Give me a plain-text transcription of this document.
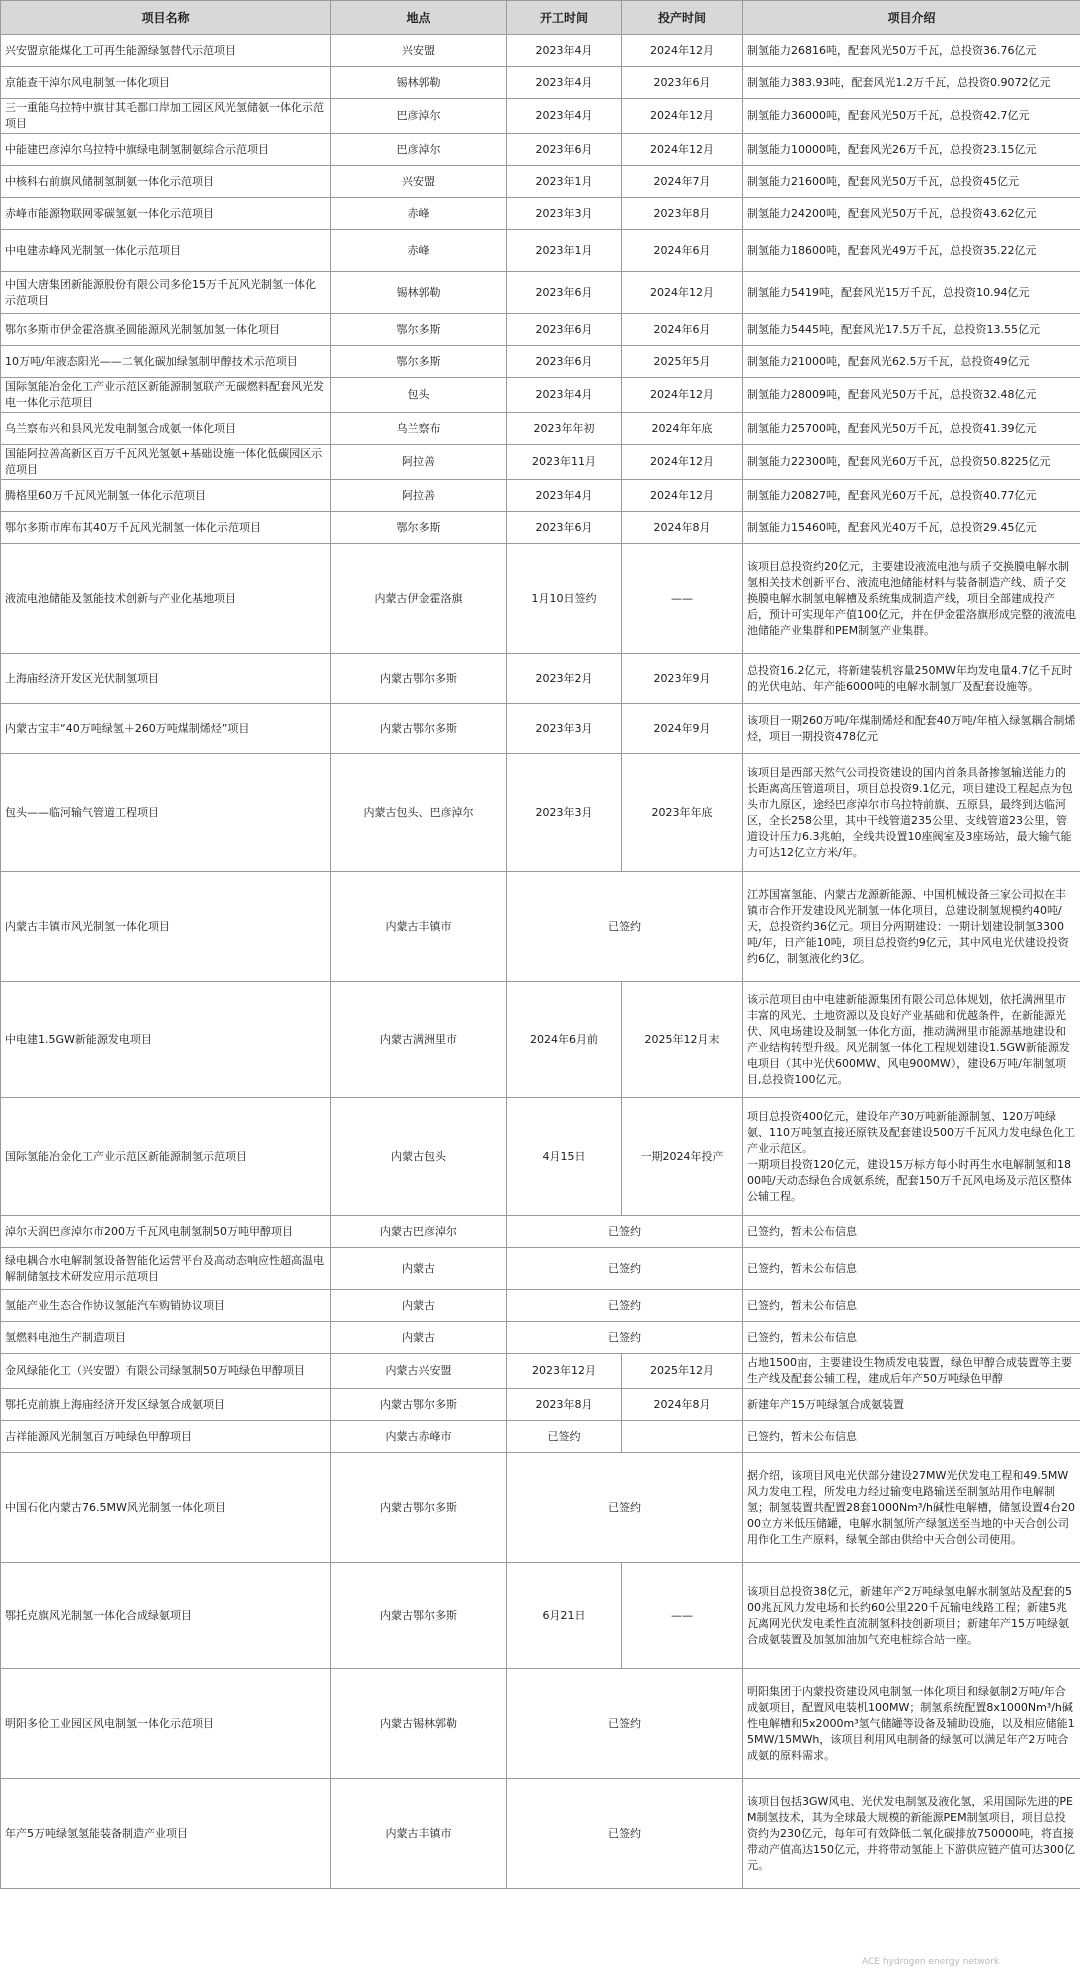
项目名称	地点	开工时间	投产时间	项目介绍
兴安盟京能煤化工可再生能源绿氢替代示范项目	兴安盟	2023年4月	2024年12月	制氢能力26816吨，配套风光50万千瓦，总投资36.76亿元
京能查干淖尔风电制氢一体化项目	锡林郭勒	2023年4月	2023年6月	制氢能力383.93吨，配套风光1.2万千瓦，总投资0.9072亿元
三一重能乌拉特中旗甘其毛都口岸加工园区风光氢储氨一体化示范项目	巴彦淖尔	2023年4月	2024年12月	制氢能力36000吨，配套风光50万千瓦，总投资42.7亿元
中能建巴彦淖尔乌拉特中旗绿电制氢制氨综合示范项目	巴彦淖尔	2023年6月	2024年12月	制氢能力10000吨，配套风光26万千瓦，总投资23.15亿元
中核科右前旗风储制氢制氨一体化示范项目	兴安盟	2023年1月	2024年7月	制氢能力21600吨，配套风光50万千瓦，总投资45亿元
赤峰市能源物联网零碳氢氨一体化示范项目	赤峰	2023年3月	2023年8月	制氢能力24200吨，配套风光50万千瓦，总投资43.62亿元
中电建赤峰风光制氢一体化示范项目	赤峰	2023年1月	2024年6月	制氢能力18600吨，配套风光49万千瓦，总投资35.22亿元
中国大唐集团新能源股份有限公司多伦15万千瓦风光制氢一体化示范项目	锡林郭勒	2023年6月	2024年12月	制氢能力5419吨，配套风光15万千瓦，总投资10.94亿元
鄂尔多斯市伊金霍洛旗圣圆能源风光制氢加氢一体化项目	鄂尔多斯	2023年6月	2024年6月	制氢能力5445吨，配套风光17.5万千瓦，总投资13.55亿元
10万吨/年液态阳光——二氧化碳加绿氢制甲醇技术示范项目	鄂尔多斯	2023年6月	2025年5月	制氢能力21000吨，配套风光62.5万千瓦，总投资49亿元
国际氢能冶金化工产业示范区新能源制氢联产无碳燃料配套风光发电一体化示范项目	包头	2023年4月	2024年12月	制氢能力28009吨，配套风光50万千瓦，总投资32.48亿元
乌兰察布兴和县风光发电制氢合成氨一体化项目	乌兰察布	2023年年初	2024年年底	制氢能力25700吨，配套风光50万千瓦，总投资41.39亿元
国能阿拉善高新区百万千瓦风光氢氨+基础设施一体化低碳园区示范项目	阿拉善	2023年11月	2024年12月	制氢能力22300吨，配套风光60万千瓦，总投资50.8225亿元
腾格里60万千瓦风光制氢一体化示范项目	阿拉善	2023年4月	2024年12月	制氢能力20827吨，配套风光60万千瓦，总投资40.77亿元
鄂尔多斯市库布其40万千瓦风光制氢一体化示范项目	鄂尔多斯	2023年6月	2024年8月	制氢能力15460吨，配套风光40万千瓦，总投资29.45亿元
液流电池储能及氢能技术创新与产业化基地项目	内蒙古伊金霍洛旗	1月10日签约	——	该项目总投资约20亿元，主要建设液流电池与质子交换膜电解水制氢相关技术创新平台、液流电池储能材料与装备制造产线、质子交换膜电解水制氢电解槽及系统集成制造产线，项目全部建成投产后，预计可实现年产值100亿元，并在伊金霍洛旗形成完整的液流电池储能产业集群和PEM制氢产业集群。
上海庙经济开发区光伏制氢项目	内蒙古鄂尔多斯	2023年2月	2023年9月	总投资16.2亿元，将新建装机容量250MW年均发电量4.7亿千瓦时的光伏电站、年产能6000吨的电解水制氢厂及配套设施等。
内蒙古宝丰“40万吨绿氢＋260万吨煤制烯烃”项目	内蒙古鄂尔多斯	2023年3月	2024年9月	该项目一期260万吨/年煤制烯烃和配套40万吨/年植入绿氢耦合制烯烃，项目一期投资478亿元
包头——临河输气管道工程项目	内蒙古包头、巴彦淖尔	2023年3月	2023年年底	该项目是西部天然气公司投资建设的国内首条具备掺氢输送能力的长距离高压管道项目，项目总投资9.1亿元，项目建设工程起点为包头市九原区，途经巴彦淖尔市乌拉特前旗、五原县，最终到达临河区，全长258公里，其中干线管道235公里、支线管道23公里，管道设计压力6.3兆帕，全线共设置10座阀室及3座场站，最大输气能力可达12亿立方米/年。
内蒙古丰镇市风光制氢一体化项目	内蒙古丰镇市	已签约		江苏国富氢能、内蒙古龙源新能源、中国机械设备三家公司拟在丰镇市合作开发建设风光制氢一体化项目，总建设制氢规模约40吨/天，总投资约36亿元。项目分两期建设：一期计划建设制氢3300吨/年，日产能10吨，项目总投资约9亿元，其中风电光伏建设投资约6亿，制氢液化约3亿。
中电建1.5GW新能源发电项目	内蒙古满洲里市	2024年6月前	2025年12月末	该示范项目由中电建新能源集团有限公司总体规划，依托满洲里市丰富的风光、土地资源以及良好产业基础和优越条件，在新能源光伏、风电场建设及制氢一体化方面，推动满洲里市能源基地建设和产业结构转型升级。风光制氢一体化工程规划建设1.5GW新能源发电项目（其中光伏600MW、风电900MW），建设6万吨/年制氢项目,总投资100亿元。
国际氢能冶金化工产业示范区新能源制氢示范项目	内蒙古包头	4月15日	一期2024年投产	项目总投资400亿元，建设年产30万吨新能源制氢、120万吨绿氨、110万吨氢直接还原铁及配套建设500万千瓦风力发电绿色化工产业示范区。
一期项目投资120亿元，建设15万标方每小时再生水电解制氢和1800吨/天动态绿色合成氨系统，配套150万千瓦风电场及示范区整体公辅工程。
淖尔天润巴彦淖尔市200万千瓦风电制氢制50万吨甲醇项目	内蒙古巴彦淖尔	已签约		已签约，暂未公布信息
绿电耦合水电解制氢设备智能化运营平台及高动态响应性超高温电解制储氢技术研发应用示范项目	内蒙古	已签约		已签约，暂未公布信息
氢能产业生态合作协议氢能汽车购销协议项目	内蒙古	已签约		已签约，暂未公布信息
氢燃料电池生产制造项目	内蒙古	已签约		已签约，暂未公布信息
金风绿能化工（兴安盟）有限公司绿氢制50万吨绿色甲醇项目	内蒙古兴安盟	2023年12月	2025年12月	占地1500亩，主要建设生物质发电装置，绿色甲醇合成装置等主要生产线及配套公辅工程，建成后年产50万吨绿色甲醇
鄂托克前旗上海庙经济开发区绿氢合成氨项目	内蒙古鄂尔多斯	2023年8月	2024年8月	新建年产15万吨绿氢合成氨装置
吉祥能源风光制氢百万吨绿色甲醇项目	内蒙古赤峰市	已签约		已签约，暂未公布信息
中国石化内蒙古76.5MW风光制氢一体化项目	内蒙古鄂尔多斯	已签约		据介绍，该项目风电光伏部分建设27MW光伏发电工程和49.5MW风力发电工程，所发电力经过输变电路输送至制氢站用作电解制氢；制氢装置共配置28套1000Nm³/h碱性电解槽，储氢设置4台2000立方米低压储罐，电解水制氢所产绿氢送至当地的中天合创公司用作化工生产原料，绿氧全部由供给中天合创公司使用。
鄂托克旗风光制氢一体化合成绿氨项目	内蒙古鄂尔多斯	6月21日	——	该项目总投资38亿元，新建年产2万吨绿氢电解水制氢站及配套的500兆瓦风力发电场和长约60公里220千瓦输电线路工程；新建5兆瓦离网光伏发电柔性直流制氢科技创新项目；新建年产15万吨绿氨合成氨装置及加氢加油加气充电桩综合站一座。
明阳多伦工业园区风电制氢一体化示范项目	内蒙古锡林郭勒	已签约		明阳集团于内蒙投资建设风电制氢一体化项目和绿氨制2万吨/年合成氨项目，配置风电装机100MW；制氢系统配置8x1000Nm³/h碱性电解槽和5x2000m³氢气储罐等设备及辅助设施，以及相应储能15MW/15MWh，该项目利用风电制备的绿氢可以满足年产2万吨合成氨的原料需求。
年产5万吨绿氢氢能装备制造产业项目	内蒙古丰镇市	已签约		该项目包括3GW风电、光伏发电制氢及液化氢，采用国际先进的PEM制氢技术，其为全球最大规模的新能源PEM制氢项目，项目总投资约为230亿元，每年可有效降低二氧化碳排放750000吨，将直接带动产值高达150亿元，并将带动氢能上下游供应链产值可达300亿元。
ACE hydrogen energy network
